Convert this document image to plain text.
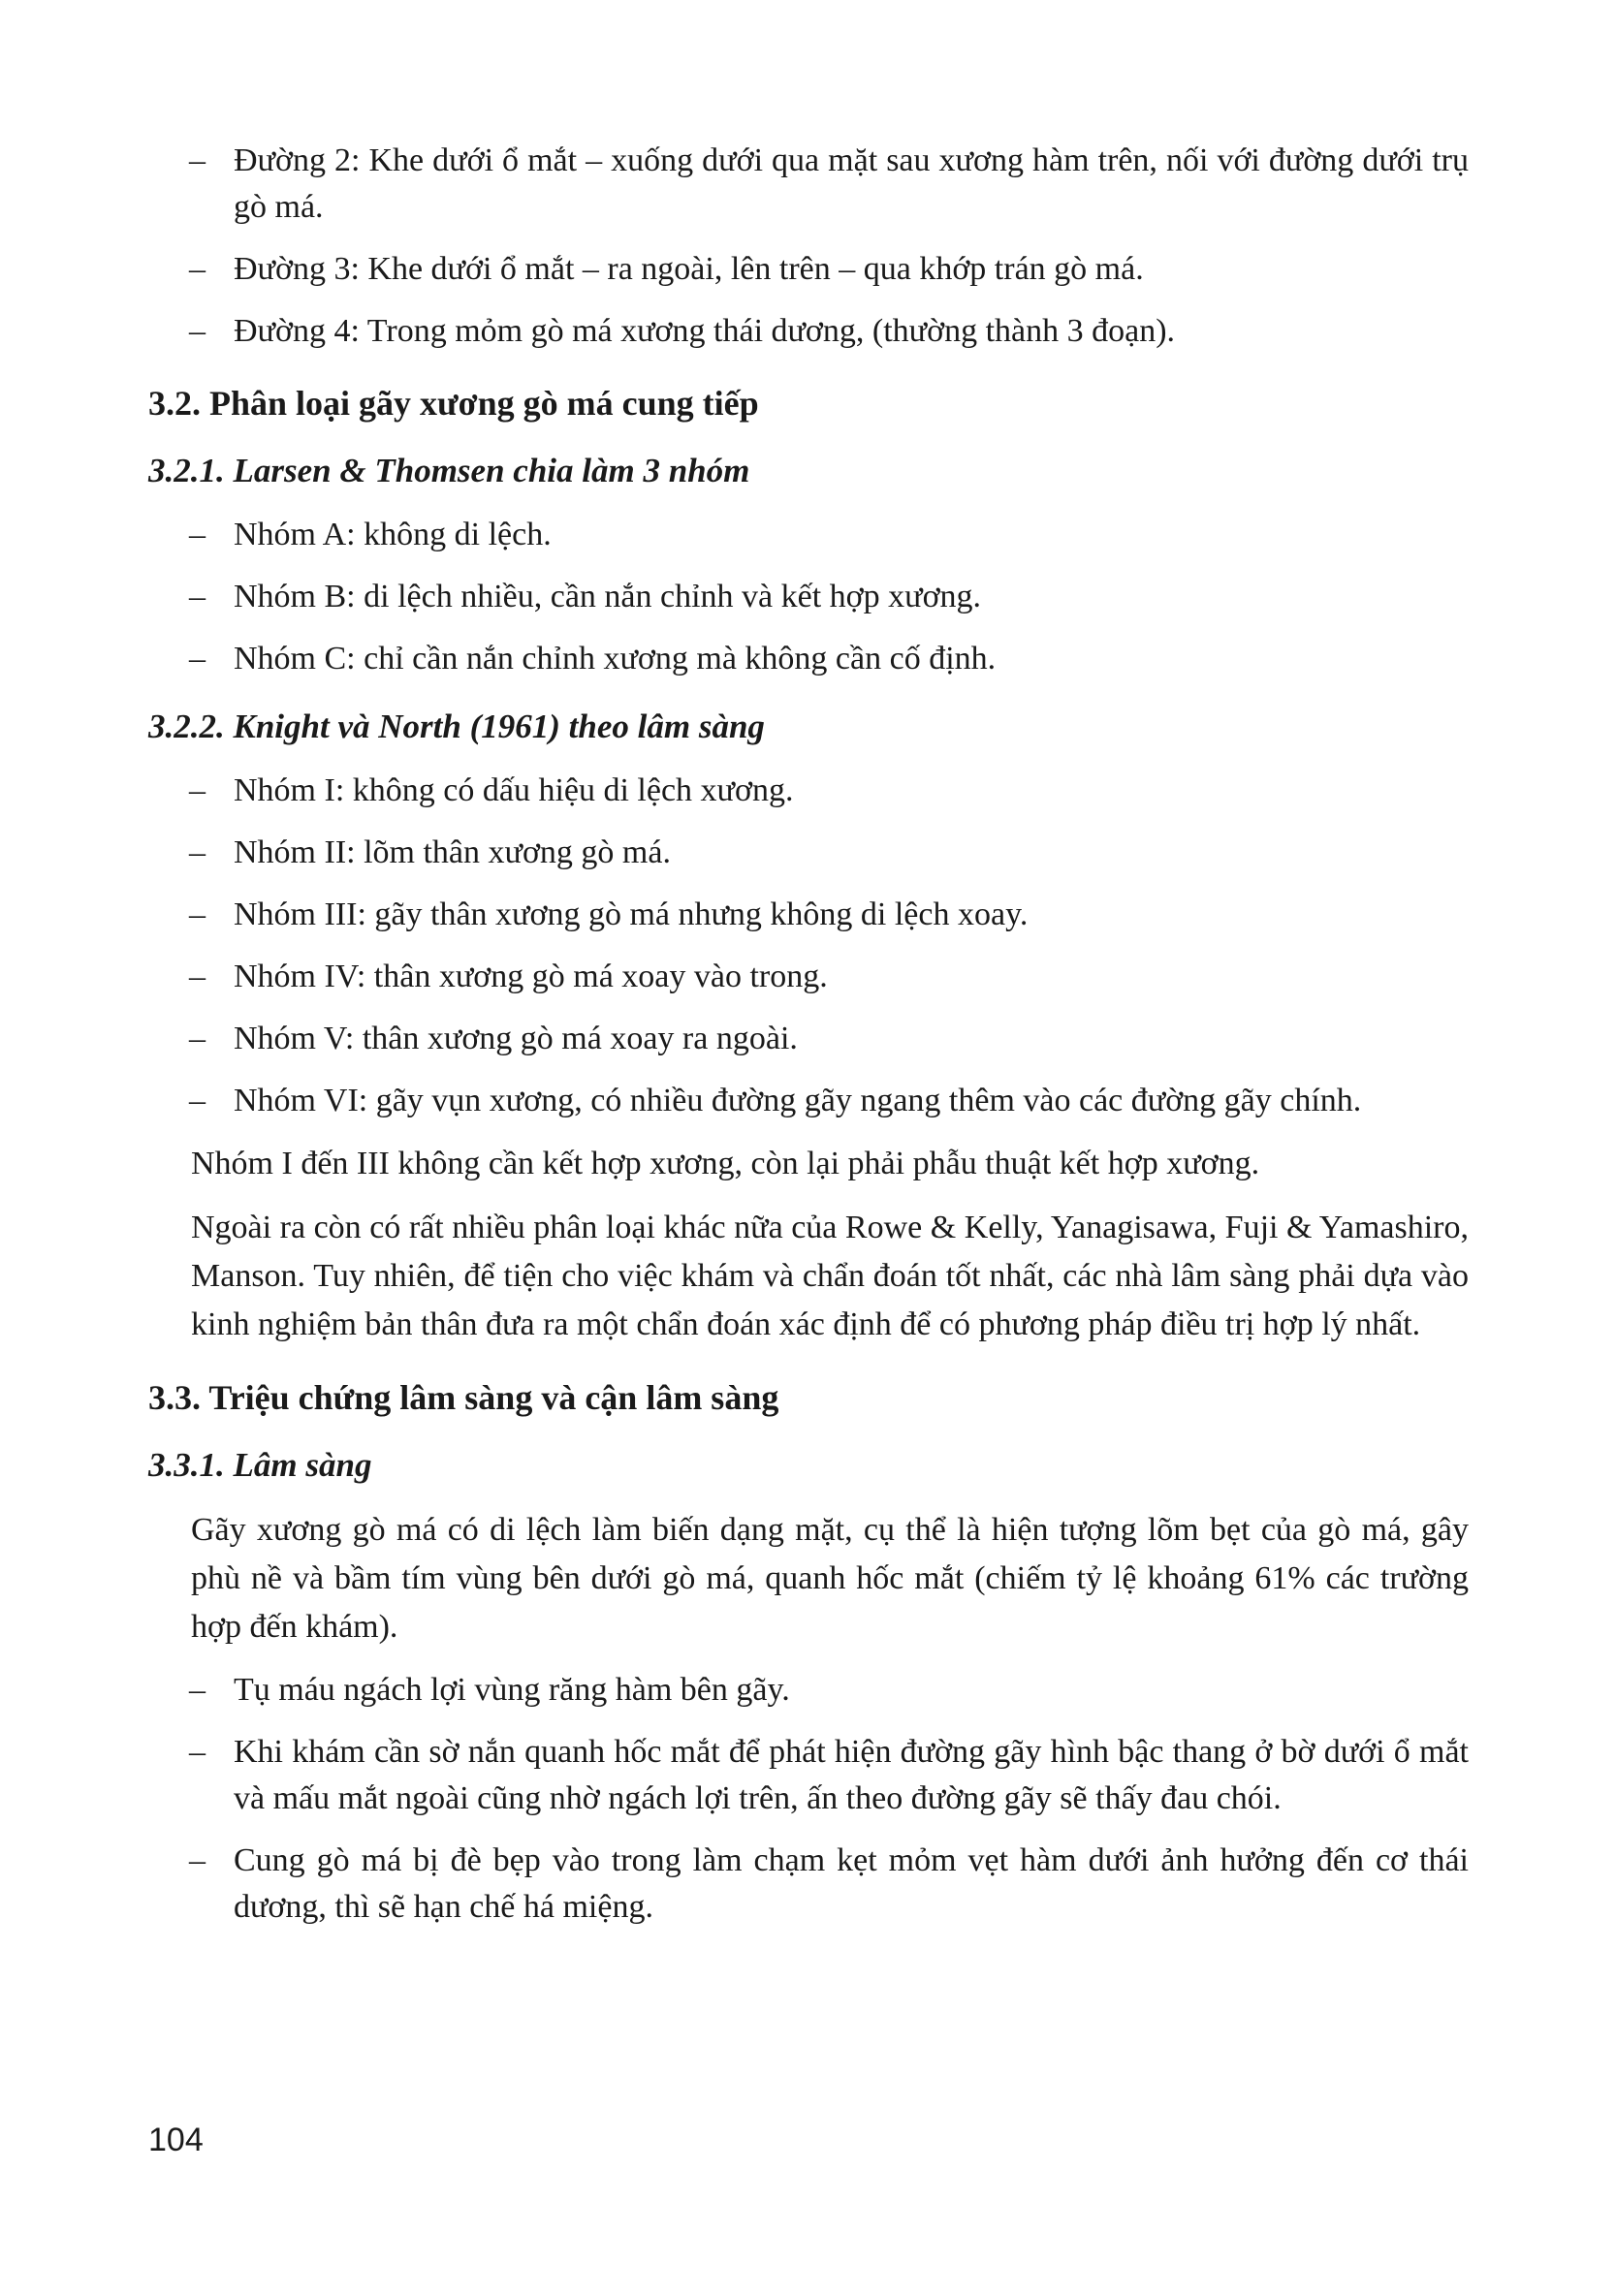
– Đường 2: Khe dưới ổ mắt – xuống dưới qua mặt sau xương hàm trên, nối với đường dưới trụ gò má.
– Đường 3: Khe dưới ổ mắt – ra ngoài, lên trên – qua khớp trán gò má.
– Đường 4: Trong mỏm gò má xương thái dương, (thường thành 3 đoạn).
3.2. Phân loại gãy xương gò má cung tiếp
3.2.1. Larsen & Thomsen chia làm 3 nhóm
– Nhóm A: không di lệch.
– Nhóm B: di lệch nhiều, cần nắn chỉnh và kết hợp xương.
– Nhóm C: chỉ cần nắn chỉnh xương mà không cần cố định.
3.2.2. Knight và North (1961) theo lâm sàng
– Nhóm I: không có dấu hiệu di lệch xương.
– Nhóm II: lõm thân xương gò má.
– Nhóm III: gãy thân xương gò má nhưng không di lệch xoay.
– Nhóm IV: thân xương gò má xoay vào trong.
– Nhóm V: thân xương gò má xoay ra ngoài.
– Nhóm VI: gãy vụn xương, có nhiều đường gãy ngang thêm vào các đường gãy chính.
Nhóm I đến III không cần kết hợp xương, còn lại phải phẫu thuật kết hợp xương.
Ngoài ra còn có rất nhiều phân loại khác nữa của Rowe & Kelly, Yanagisawa, Fuji & Yamashiro, Manson. Tuy nhiên, để tiện cho việc khám và chẩn đoán tốt nhất, các nhà lâm sàng phải dựa vào kinh nghiệm bản thân đưa ra một chẩn đoán xác định để có phương pháp điều trị hợp lý nhất.
3.3. Triệu chứng lâm sàng và cận lâm sàng
3.3.1. Lâm sàng
Gãy xương gò má có di lệch làm biến dạng mặt, cụ thể là hiện tượng lõm bẹt của gò má, gây phù nề và bầm tím vùng bên dưới gò má, quanh hốc mắt (chiếm tỷ lệ khoảng 61% các trường hợp đến khám).
– Tụ máu ngách lợi vùng răng hàm bên gãy.
– Khi khám cần sờ nắn quanh hốc mắt để phát hiện đường gãy hình bậc thang ở bờ dưới ổ mắt và mấu mắt ngoài cũng nhờ ngách lợi trên, ấn theo đường gãy sẽ thấy đau chói.
– Cung gò má bị đè bẹp vào trong làm chạm kẹt mỏm vẹt hàm dưới ảnh hưởng đến cơ thái dương, thì sẽ hạn chế há miệng.
104
